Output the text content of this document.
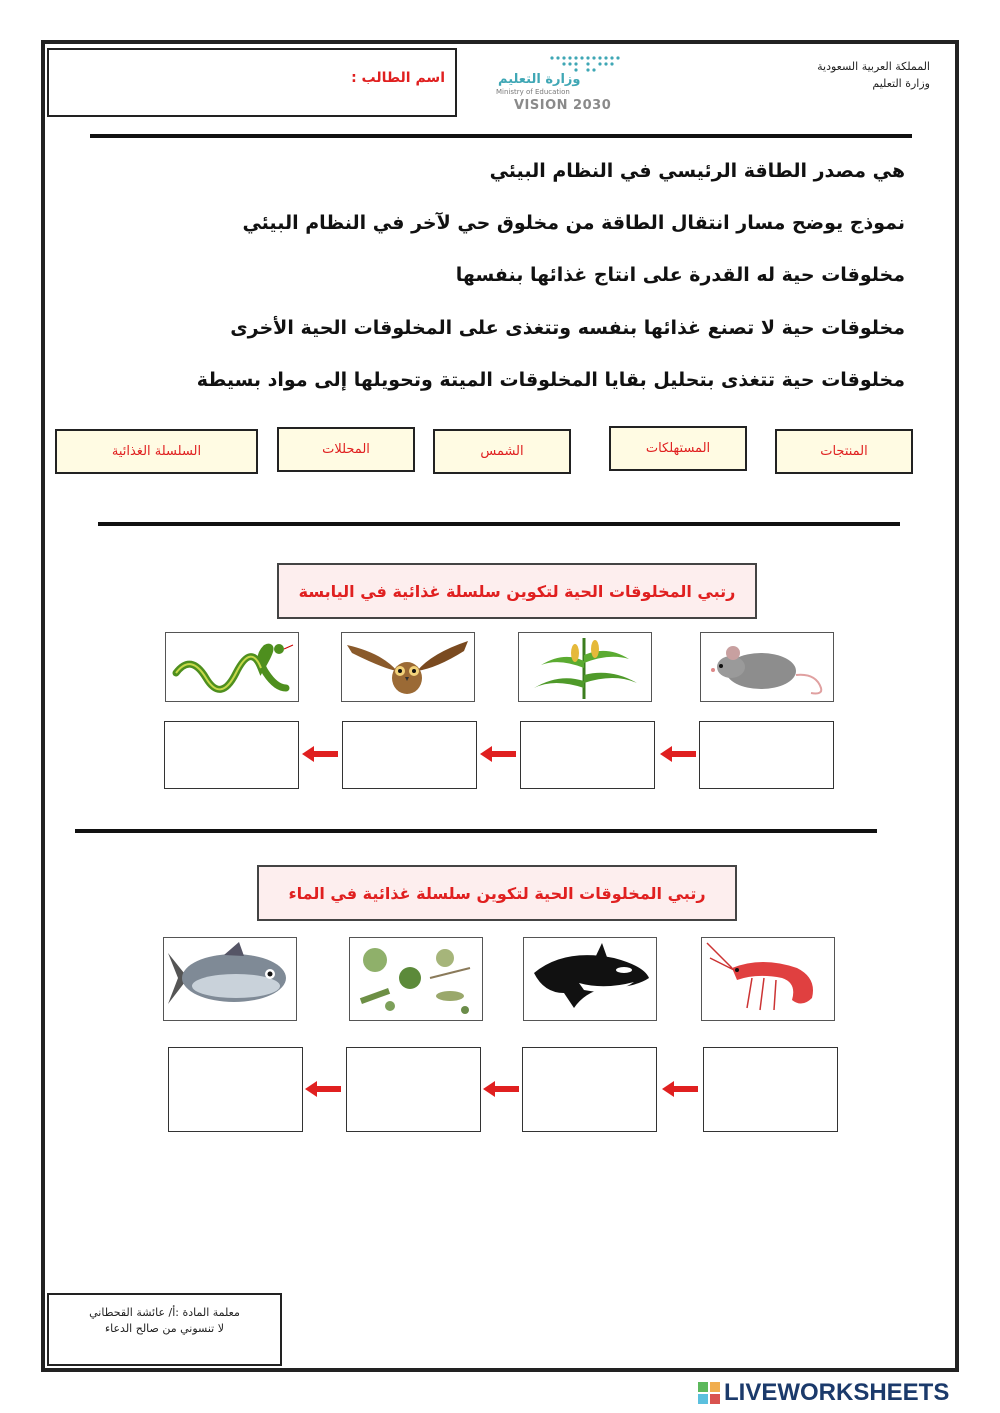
اسم الطالب :	وزارة التعليم
Ministry of Education
VISION 2030
المملكة العربية السعودية
وزارة التعليم
هي مصدر الطاقة الرئيسي في النظام البيئي
نموذج يوضح مسار انتقال الطاقة من مخلوق حي لآخر في النظام البيئي
مخلوقات حية له القدرة على انتاج غذائها بنفسها
مخلوقات حية لا تصنع غذائها بنفسه وتتغذى على المخلوقات الحية الأخرى
مخلوقات حية تتغذى بتحليل بقايا المخلوقات الميتة وتحويلها إلى مواد بسيطة
السلسلة الغذائية	المحللات	الشمس	المستهلكات	المنتجات
رتبي المخلوقات الحية لتكوين سلسلة غذائية في اليابسة
رتبي المخلوقات الحية لتكوين سلسلة غذائية في الماء
معلمة المادة :أ/ عائشة القحطاني
لا تنسوني من صالح الدعاء
LIVEWORKSHEETS
